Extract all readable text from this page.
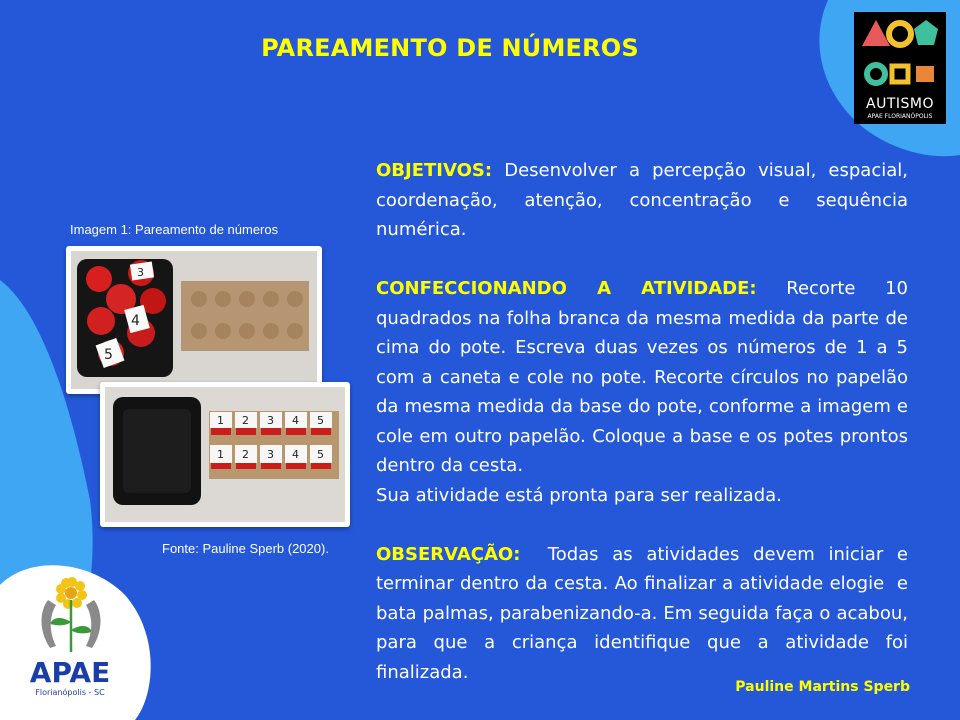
PAREAMENTO DE NÚMEROS
AUTISMO
APAE FLORIANÓPOLIS
Imagem 1: Pareamento de números
3
4
5
1 2 3 4 5
1 2 3 4 5
Fonte: Pauline Sperb (2020).

OBJETIVOS: Desenvolver a percepção visual, espacial, coordenação, atenção, concentração e sequência numérica.

CONFECCIONANDO A ATIVIDADE: Recorte 10 quadrados na folha branca da mesma medida da parte de cima do pote. Escreva duas vezes os números de 1 a 5 com a caneta e cole no pote. Recorte círculos no papelão da mesma medida da base do pote, conforme a imagem e cole em outro papelão. Coloque a base e os potes prontos dentro da cesta.

Sua atividade está pronta para ser realizada.

OBSERVAÇÃO:  Todas as atividades devem iniciar e terminar dentro da cesta. Ao finalizar a atividade elogie  e bata palmas, parabenizando-a. Em seguida faça o acabou, para que a criança identifique que a atividade foi finalizada.

Pauline Martins Sperb
APAE
Florianópolis - SC
